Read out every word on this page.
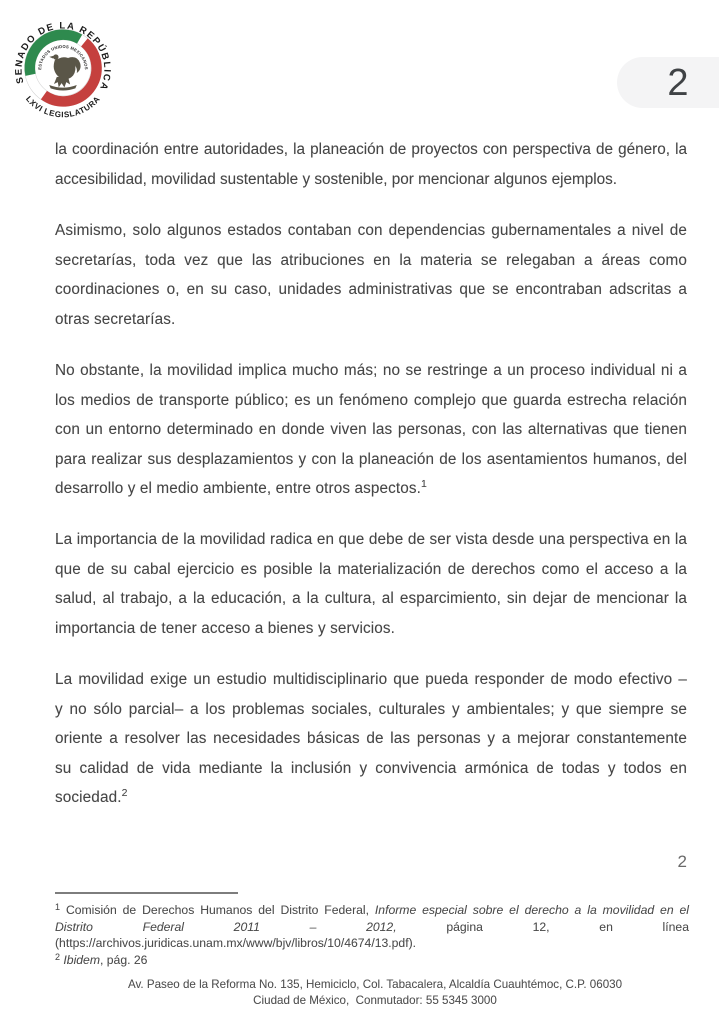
SENADO DE LA REPÚBLICA
LXVI LEGISLATURA
ESTADOS UNIDOS MEXICANOS	2

la coordinación entre autoridades, la planeación de proyectos con perspectiva de género, la accesibilidad, movilidad sustentable y sostenible, por mencionar algunos ejemplos.

Asimismo, solo algunos estados contaban con dependencias gubernamentales a nivel de secretarías, toda vez que las atribuciones en la materia se relegaban a áreas como coordinaciones o, en su caso, unidades administrativas que se encontraban adscritas a otras secretarías.

No obstante, la movilidad implica mucho más; no se restringe a un proceso individual ni a los medios de transporte público; es un fenómeno complejo que guarda estrecha relación con un entorno determinado en donde viven las personas, con las alternativas que tienen para realizar sus desplazamientos y con la planeación de los asentamientos humanos, del desarrollo y el medio ambiente, entre otros aspectos.$^1$

La importancia de la movilidad radica en que debe de ser vista desde una perspectiva en la que de su cabal ejercicio es posible la materialización de derechos como el acceso a la salud, al trabajo, a la educación, a la cultura, al esparcimiento, sin dejar de mencionar la importancia de tener acceso a bienes y servicios.

La movilidad exige un estudio multidisciplinario que pueda responder de modo efectivo –y no sólo parcial– a los problemas sociales, culturales y ambientales; y que siempre se oriente a resolver las necesidades básicas de las personas y a mejorar constantemente su calidad de vida mediante la inclusión y convivencia armónica de todas y todos en sociedad.$^2$

2
$^1$ Comisión de Derechos Humanos del Distrito Federal, Informe especial sobre el derecho a la movilidad en el
Distrito Federal 2011 – 2012,	página 12, en línea
(https://archivos.juridicas.unam.mx/www/bjv/libros/10/4674/13.pdf).
$^2$ Ibidem, pág. 26
Av. Paseo de la Reforma No. 135, Hemiciclo, Col. Tabacalera, Alcaldía Cuauhtémoc, C.P. 06030
Ciudad de México,  Conmutador: 55 5345 3000
